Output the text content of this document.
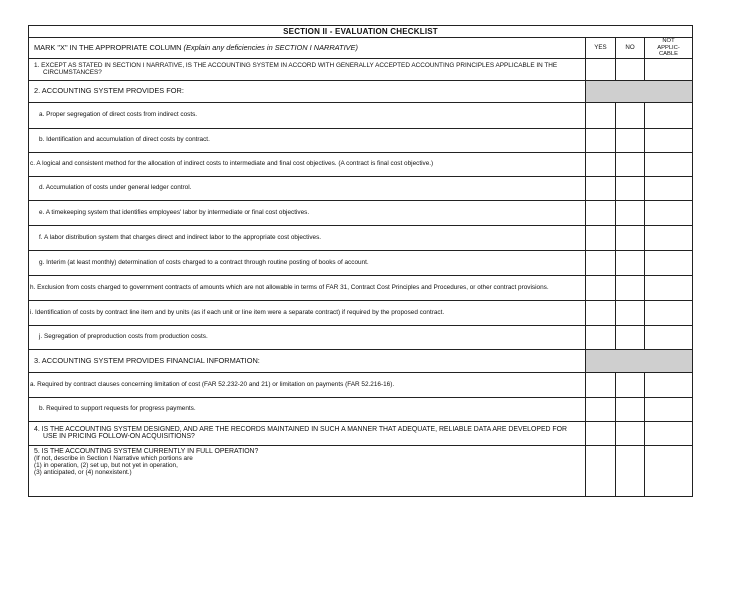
SECTION II - EVALUATION CHECKLIST			
MARK "X" IN THE APPROPRIATE COLUMN (Explain any deficiencies in SECTION I NARRATIVE)	YES	NO	NOT
APPLIC-
CABLE

1. EXCEPT AS STATED IN SECTION I NARRATIVE, IS THE ACCOUNTING SYSTEM IN ACCORD WITH GENERALLY ACCEPTED ACCOUNTING PRINCIPLES APPLICABLE IN THE CIRCUMSTANCES?			

2. ACCOUNTING SYSTEM PROVIDES FOR:			

a. Proper segregation of direct costs from indirect costs.			

b. Identification and accumulation of direct costs by contract.			

c. A logical and consistent method for the allocation of indirect costs to intermediate and final cost objectives. (A contract is final cost objective.)			

d. Accumulation of costs under general ledger control.			

e. A timekeeping system that identifies employees' labor by intermediate or final cost objectives.			

f. A labor distribution system that charges direct and indirect labor to the appropriate cost objectives.			

g. Interim (at least monthly) determination of costs charged to a contract through routine posting of books of account.			

h. Exclusion from costs charged to government contracts of amounts which are not allowable in terms of FAR 31, Contract Cost Principles and Procedures, or other contract provisions.			

i. Identification of costs by contract line item and by units (as if each unit or line item were a separate contract) if required by the proposed contract.			

j. Segregation of preproduction costs from production costs.			

3. ACCOUNTING SYSTEM PROVIDES FINANCIAL INFORMATION:			

a. Required by contract clauses concerning limitation of cost (FAR 52.232-20 and 21) or limitation on payments (FAR 52.216-16).			

b. Required to support requests for progress payments.			

4. IS THE ACCOUNTING SYSTEM DESIGNED, AND ARE THE RECORDS MAINTAINED IN SUCH A MANNER THAT ADEQUATE, RELIABLE DATA ARE DEVELOPED FOR USE IN PRICING FOLLOW-ON ACQUISITIONS?			

5. IS THE ACCOUNTING SYSTEM CURRENTLY IN FULL OPERATION?
(If not, describe in Section I Narrative which portions are
(1) in operation, (2) set up, but not yet in operation,
(3) anticipated, or (4) nonexistent.)			
